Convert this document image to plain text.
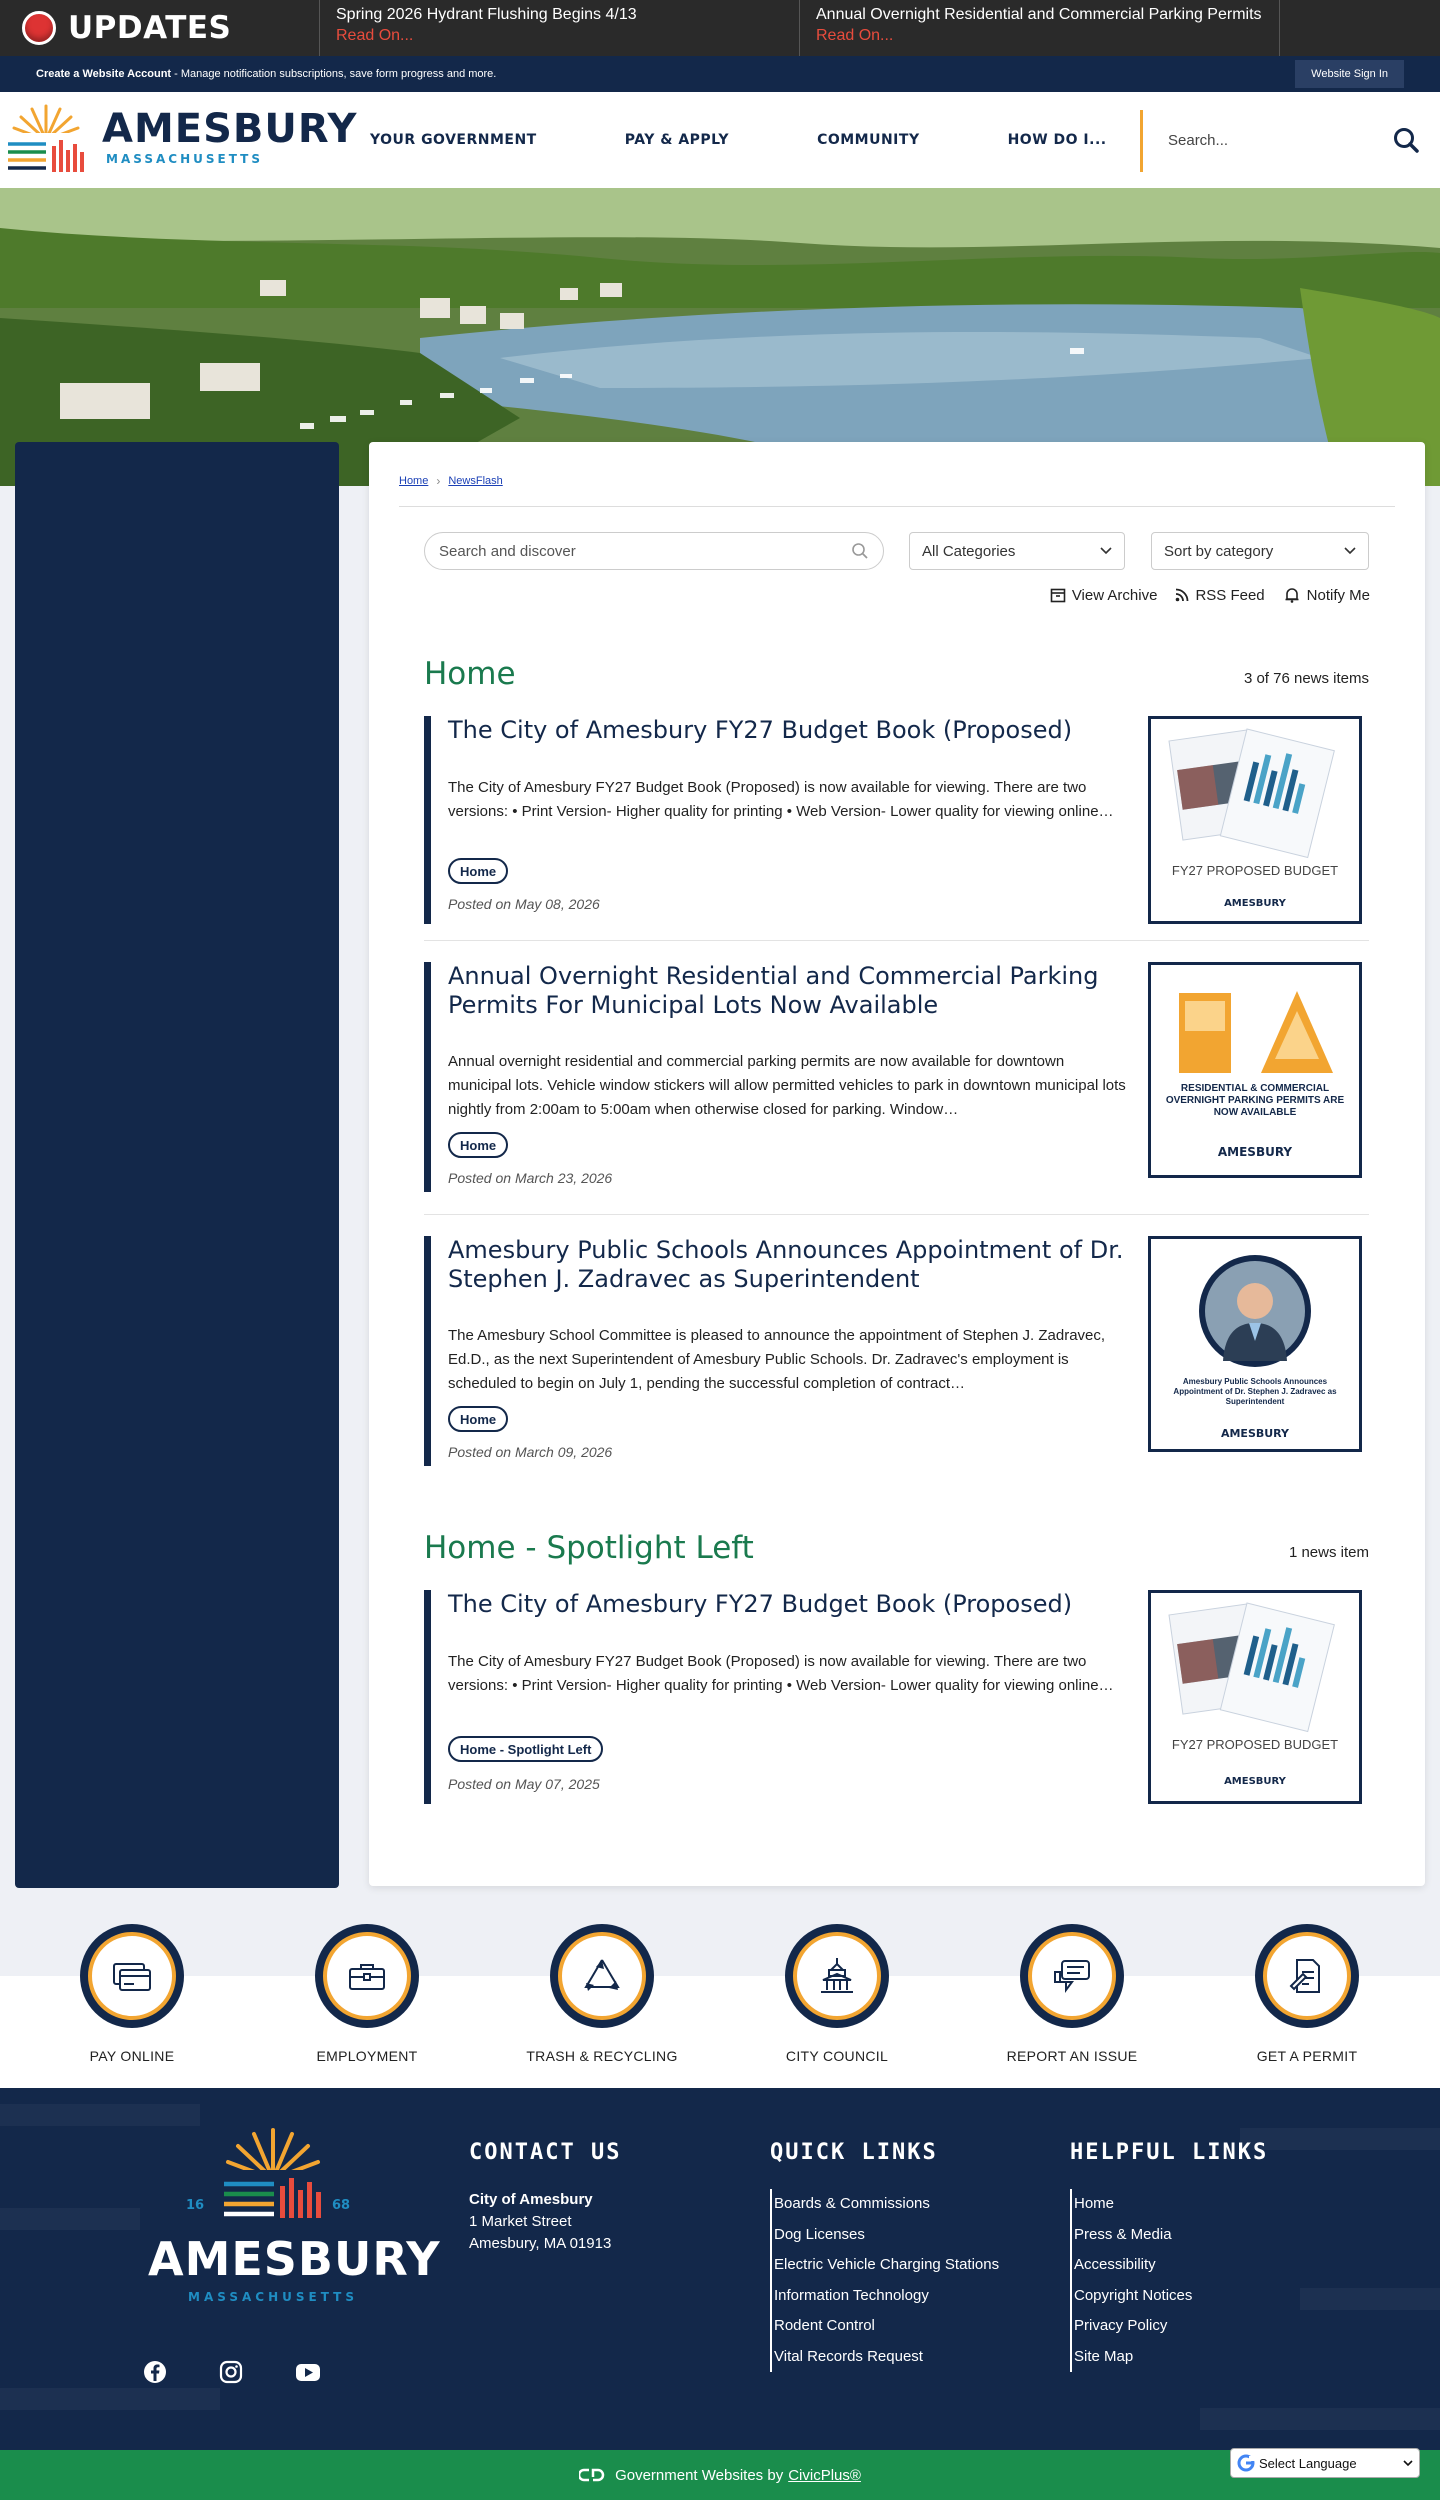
UPDATES	Spring 2026 Hydrant Flushing Begins 4/13
Read On...
Annual Overnight Residential and Commercial Parking Permits
Read On...
Create a Website Account - Manage notification subscriptions, save form progress and more.	Website Sign In
AMESBURY
MASSACHUSETTS
YOUR GOVERNMENT	PAY & APPLY	COMMUNITY	HOW DO I...	Search...
Home › NewsFlash
Search and discover	All Categories	Sort by category
View Archive	RSS Feed	Notify Me
Home	3 of 76 news items
The City of Amesbury FY27 Budget Book (Proposed)
The City of Amesbury FY27 Budget Book (Proposed) is now available for viewing. There are two versions: • Print Version- Higher quality for printing • Web Version- Lower quality for viewing online…
Home
Posted on May 08, 2026
FY27 PROPOSED BUDGET
AMESBURY
Annual Overnight Residential and Commercial Parking Permits For Municipal Lots Now Available
Annual overnight residential and commercial parking permits are now available for downtown municipal lots. Vehicle window stickers will allow permitted vehicles to park in downtown municipal lots nightly from 2:00am to 5:00am when otherwise closed for parking. Window…
Home
Posted on March 23, 2026
RESIDENTIAL & COMMERCIAL OVERNIGHT PARKING PERMITS ARE NOW AVAILABLE
AMESBURY
Amesbury Public Schools Announces Appointment of Dr. Stephen J. Zadravec as Superintendent
The Amesbury School Committee is pleased to announce the appointment of Stephen J. Zadravec, Ed.D., as the next Superintendent of Amesbury Public Schools. Dr. Zadravec's employment is scheduled to begin on July 1, pending the successful completion of contract…
Home
Posted on March 09, 2026
Amesbury Public Schools Announces Appointment of Dr. Stephen J. Zadravec as Superintendent
AMESBURY
Home - Spotlight Left	1 news item
The City of Amesbury FY27 Budget Book (Proposed)
The City of Amesbury FY27 Budget Book (Proposed) is now available for viewing. There are two versions: • Print Version- Higher quality for printing • Web Version- Lower quality for viewing online…
Home - Spotlight Left
Posted on May 07, 2025
FY27 PROPOSED BUDGET
AMESBURY
PAY ONLINE	EMPLOYMENT	TRASH & RECYCLING	CITY COUNCIL	REPORT AN ISSUE	GET A PERMIT
16	68
AMESBURY
MASSACHUSETTS
CONTACT US
City of Amesbury
1 Market Street
Amesbury, MA 01913
QUICK LINKS
Boards & Commissions
Dog Licenses
Electric Vehicle Charging Stations
Information Technology
Rodent Control
Vital Records Request
HELPFUL LINKS
Home
Press & Media
Accessibility
Copyright Notices
Privacy Policy
Site Map
Government Websites by CivicPlus®
Select Language
